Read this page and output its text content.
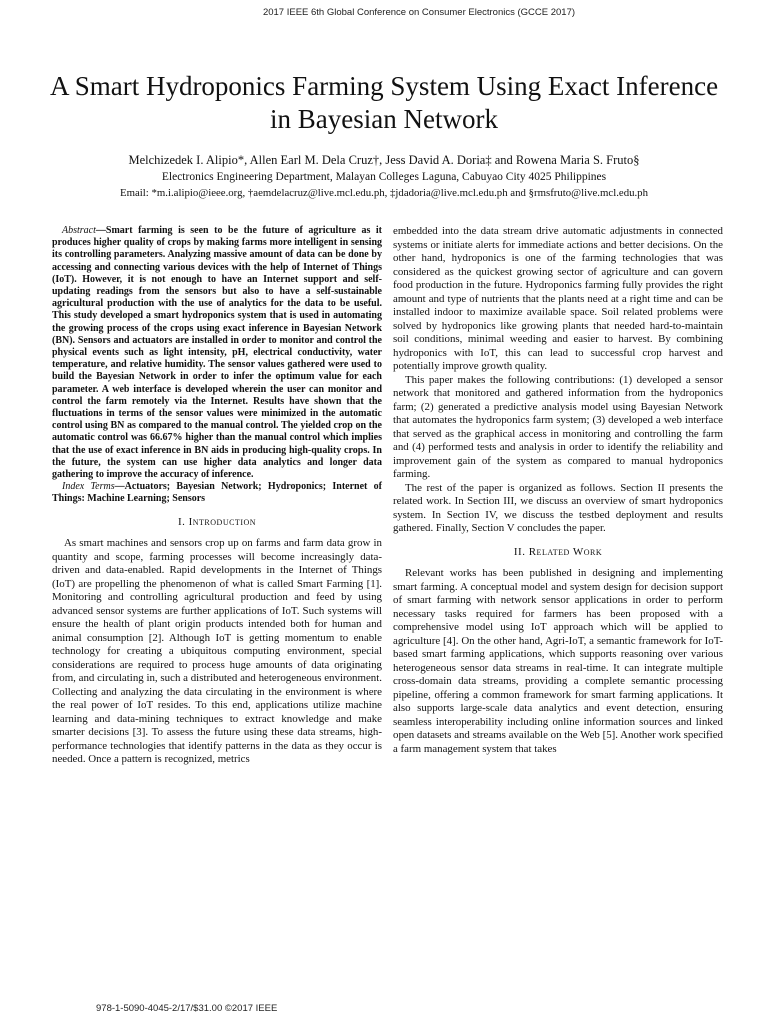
2017 IEEE 6th Global Conference on Consumer Electronics (GCCE 2017)
A Smart Hydroponics Farming System Using Exact Inference in Bayesian Network
Melchizedek I. Alipio*, Allen Earl M. Dela Cruz†, Jess David A. Doria‡ and Rowena Maria S. Fruto§
Electronics Engineering Department, Malayan Colleges Laguna, Cabuyao City 4025 Philippines
Email: *m.i.alipio@ieee.org, †aemdelacruz@live.mcl.edu.ph, ‡jdadoria@live.mcl.edu.ph and §rmsfruto@live.mcl.edu.ph

Abstract—Smart farming is seen to be the future of agriculture as it produces higher quality of crops by making farms more intelligent in sensing its controlling parameters. Analyzing massive amount of data can be done by accessing and connecting various devices with the help of Internet of Things (IoT). However, it is not enough to have an Internet support and self-updating readings from the sensors but also to have a self-sustainable agricultural production with the use of analytics for the data to be useful. This study developed a smart hydroponics system that is used in automating the growing process of the crops using exact inference in Bayesian Network (BN). Sensors and actuators are installed in order to monitor and control the physical events such as light intensity, pH, electrical conductivity, water temperature, and relative humidity. The sensor values gathered were used to build the Bayesian Network in order to infer the optimum value for each parameter. A web interface is developed wherein the user can monitor and control the farm remotely via the Internet. Results have shown that the fluctuations in terms of the sensor values were minimized in the automatic control using BN as compared to the manual control. The yielded crop on the automatic control was 66.67% higher than the manual control which implies that the use of exact inference in BN aids in producing high-quality crops. In the future, the system can use higher data analytics and longer data gathering to improve the accuracy of inference.

Index Terms—Actuators; Bayesian Network; Hydroponics; Internet of Things: Machine Learning; Sensors

I. Introduction

As smart machines and sensors crop up on farms and farm data grow in quantity and scope, farming processes will become increasingly data-driven and data-enabled. Rapid developments in the Internet of Things (IoT) are propelling the phenomenon of what is called Smart Farming [1]. Monitoring and controlling agricultural production and feed by using advanced sensor systems are further applications of IoT. Such systems will ensure the health of plant origin products intended both for human and animal consumption [2]. Although IoT is getting momentum to enable technology for creating a ubiquitous computing environment, special considerations are required to process huge amounts of data originating from, and circulating in, such a distributed and heterogeneous environment. Collecting and analyzing the data circulating in the environment is where the real power of IoT resides. To this end, applications utilize machine learning and data-mining techniques to extract knowledge and make smarter decisions [3]. To assess the future using these data streams, high-performance technologies that identify patterns in the data as they occur is needed. Once a pattern is recognized, metrics

embedded into the data stream drive automatic adjustments in connected systems or initiate alerts for immediate actions and better decisions. On the other hand, hydroponics is one of the farming technologies that was considered as the quickest growing sector of agriculture and can govern food production in the future. Hydroponics farming fully provides the right amount and type of nutrients that the plants need at a right time and can be installed indoor to maximize available space. Soil related problems were solved by hydroponics like growing plants that needed hard-to-maintain soil conditions, minimal weeding and easier to harvest. By combining hydroponics with IoT, this can lead to successful crop harvest and potentially improve growth quality.

This paper makes the following contributions: (1) developed a sensor network that monitored and gathered information from the hydroponics farm; (2) generated a predictive analysis model using Bayesian Network that automates the hydroponics farm system; (3) developed a web interface that served as the graphical access in monitoring and controlling the farm and (4) performed tests and analysis in order to identify the reliability and improvement gain of the system as compared to manual hydroponics farming.

The rest of the paper is organized as follows. Section II presents the related work. In Section III, we discuss an overview of smart hydroponics system. In Section IV, we discuss the testbed deployment and results gathered. Finally, Section V concludes the paper.

II. Related Work

Relevant works has been published in designing and implementing smart farming. A conceptual model and system design for decision support of smart farming with network sensor applications in order to perform necessary tasks required for farmers has been proposed with a comprehensive model using IoT approach which will be applied to agriculture [4]. On the other hand, Agri-IoT, a semantic framework for IoT-based smart farming applications, which supports reasoning over various heterogeneous sensor data streams in real-time. It can integrate multiple cross-domain data streams, providing a complete semantic processing pipeline, offering a common framework for smart farming applications. It also supports large-scale data analytics and event detection, ensuring seamless interoperability including online information sources and linked open datasets and streams available on the Web [5]. Another work specified a farm management system that takes

978-1-5090-4045-2/17/$31.00 ©2017 IEEE
